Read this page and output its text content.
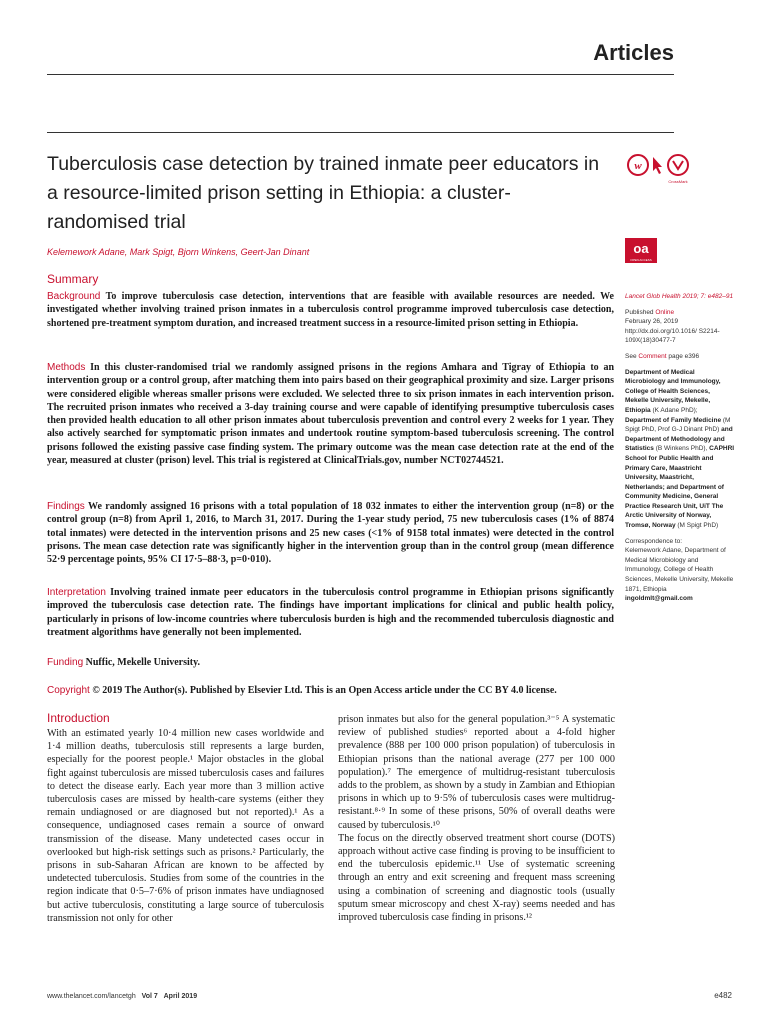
Articles
Tuberculosis case detection by trained inmate peer educators in a resource-limited prison setting in Ethiopia: a cluster-randomised trial
Kelemework Adane, Mark Spigt, Bjorn Winkens, Geert-Jan Dinant
w
CrossMark
oa
OPEN ACCESS
Summary

Background To improve tuberculosis case detection, interventions that are feasible with available resources are needed. We investigated whether involving trained prison inmates in a tuberculosis control programme improved tuberculosis case detection, shortened pre-treatment symptom duration, and increased treatment success in a resource-limited prison setting in Ethiopia.

Methods In this cluster-randomised trial we randomly assigned prisons in the regions Amhara and Tigray of Ethiopia to an intervention group or a control group, after matching them into pairs based on their geographical proximity and size. Larger prisons were considered eligible whereas smaller prisons were excluded. We selected three to six prison inmates in each intervention prison. The recruited prison inmates who received a 3-day training course and were capable of identifying presumptive tuberculosis cases then provided health education to all other prison inmates about tuberculosis prevention and control every 2 weeks for 1 year. They also actively searched for symptomatic prison inmates and undertook routine symptom-based tuberculosis screening. The control prisons followed the existing passive case finding system. The primary outcome was the mean case detection rate at the end of the year, measured at cluster (prison) level. This trial is registered at ClinicalTrials.gov, number NCT02744521.

Findings We randomly assigned 16 prisons with a total population of 18 032 inmates to either the intervention group (n=8) or the control group (n=8) from April 1, 2016, to March 31, 2017. During the 1-year study period, 75 new tuberculosis cases (1% of 8874 total inmates) were detected in the intervention prisons and 25 new cases (<1% of 9158 total inmates) were detected in the control prisons. The mean case detection rate was significantly higher in the intervention group than in the control group (mean difference 52·9 percentage points, 95% CI 17·5–88·3, p=0·010).

Interpretation Involving trained inmate peer educators in the tuberculosis control programme in Ethiopian prisons significantly improved the tuberculosis case detection rate. The findings have important implications for clinical and public health policy, particularly in prisons of low-income countries where tuberculosis burden is high and the recommended tuberculosis diagnostic and treatment algorithms have generally not been implemented.

Funding Nuffic, Mekelle University.

Copyright © 2019 The Author(s). Published by Elsevier Ltd. This is an Open Access article under the CC BY 4.0 license.

Lancet Glob Health 2019; 7: e482–91

Published Online

February 26, 2019

http://dx.doi.org/10.1016/ S2214-109X(18)30477-7

See Comment page e396

Department of Medical Microbiology and Immunology, College of Health Sciences, Mekelle University, Mekelle, Ethiopia (K Adane PhD); Department of Family Medicine (M Spigt PhD, Prof G-J Dinant PhD) and Department of Methodology and Statistics (B Winkens PhD), CAPHRI School for Public Health and Primary Care, Maastricht University, Maastricht, Netherlands; and Department of Community Medicine, General Practice Research Unit, UiT The Arctic University of Norway, Tromsø, Norway (M Spigt PhD)

Correspondence to:

Kelemework Adane, Department of Medical Microbiology and Immunology, College of Health Sciences, Mekelle University, Mekelle 1871, Ethiopia

ingoldmlt@gmail.com

Introduction

With an estimated yearly 10·4 million new cases worldwide and 1·4 million deaths, tuberculosis still represents a large burden, especially for the poorest people.¹ Major obstacles in the global fight against tuberculosis are missed tuberculosis cases and failures to detect the disease early. Each year more than 3 million active tuberculosis cases are missed by health-care systems (either they remain undiagnosed or are diagnosed but not reported).¹ As a consequence, undiagnosed cases remain a source of onward transmission of the disease. Many undetected cases occur in overlooked but high-risk settings such as prisons.² Particularly, the prisons in sub-Saharan African are known to be affected by undetected tuberculosis. Studies from some of the countries in the region indicate that 0·5–7·6% of prison inmates have undiagnosed but active tuberculosis, constituting a large source of tuberculosis transmission not only for other

prison inmates but also for the general population.³⁻⁵ A systematic review of published studies⁶ reported about a 4-fold higher prevalence (888 per 100 000 prison population) of tuberculosis in Ethiopian prisons than the national average (277 per 100 000 population).⁷ The emergence of multidrug-resistant tuberculosis adds to the problem, as shown by a study in Zambian and Ethiopian prisons in which up to 9·5% of tuberculosis cases were multidrug-resistant.⁸·⁹ In some of these prisons, 50% of overall deaths were caused by tuberculosis.¹⁰
The focus on the directly observed treatment short course (DOTS) approach without active case finding is proving to be insufficient to end the tuberculosis epidemic.¹¹ Use of systematic screening through an entry and exit screening and frequent mass screening using a combination of screening and diagnostic tools (usually sputum smear microscopy and chest X-ray) seems needed and has improved tuberculosis case finding in prisons.¹²

www.thelancet.com/lancetgh Vol 7 April 2019	e482
